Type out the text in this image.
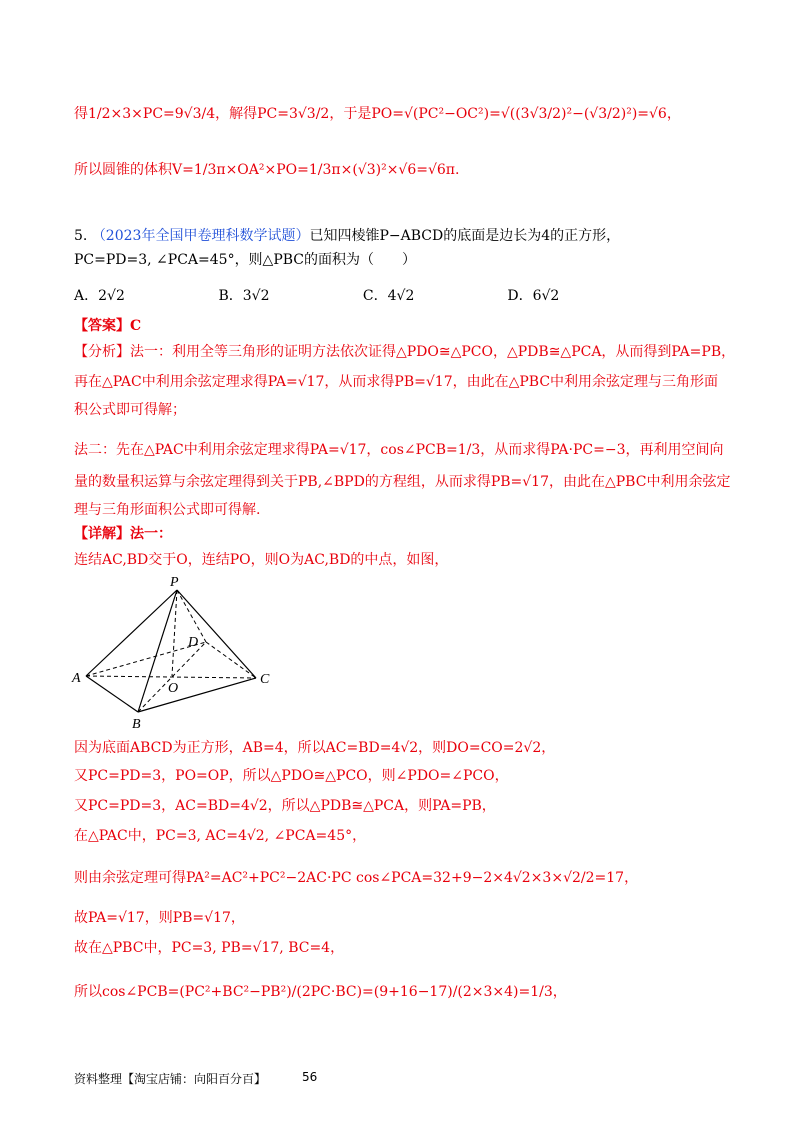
得1/2×3×PC=9√3/4，解得PC=3√3/2，于是PO=√(PC²−OC²)=√((3√3/2)²−(√3/2)²)=√6，
所以圆锥的体积V=1/3π×OA²×PO=1/3π×(√3)²×√6=√6π.
5. （2023年全国甲卷理科数学试题）已知四棱锥P−ABCD的底面是边长为4的正方形，
PC=PD=3, ∠PCA=45°，则△PBC的面积为（　　）
A．2√2	B．3√2	C．4√2	D．6√2
【答案】C
【分析】法一：利用全等三角形的证明方法依次证得△PDO≅△PCO，△PDB≅△PCA，从而得到PA=PB，
再在△PAC中利用余弦定理求得PA=√17，从而求得PB=√17，由此在△PBC中利用余弦定理与三角形面
积公式即可得解；
法二：先在△PAC中利用余弦定理求得PA=√17，cos∠PCB=1/3，从而求得PA·PC=−3，再利用空间向
量的数量积运算与余弦定理得到关于PB,∠BPD的方程组，从而求得PB=√17，由此在△PBC中利用余弦定
理与三角形面积公式即可得解.
【详解】法一：
连结AC,BD交于O，连结PO，则O为AC,BD的中点，如图，
P
D
A
O
C
B
因为底面ABCD为正方形，AB=4，所以AC=BD=4√2，则DO=CO=2√2，
又PC=PD=3，PO=OP，所以△PDO≅△PCO，则∠PDO=∠PCO，
又PC=PD=3，AC=BD=4√2，所以△PDB≅△PCA，则PA=PB，
在△PAC中，PC=3, AC=4√2, ∠PCA=45°，
则由余弦定理可得PA²=AC²+PC²−2AC·PC cos∠PCA=32+9−2×4√2×3×√2/2=17，
故PA=√17，则PB=√17，
故在△PBC中，PC=3, PB=√17, BC=4，
所以cos∠PCB=(PC²+BC²−PB²)/(2PC·BC)=(9+16−17)/(2×3×4)=1/3，
资料整理【淘宝店铺：向阳百分百】	56
